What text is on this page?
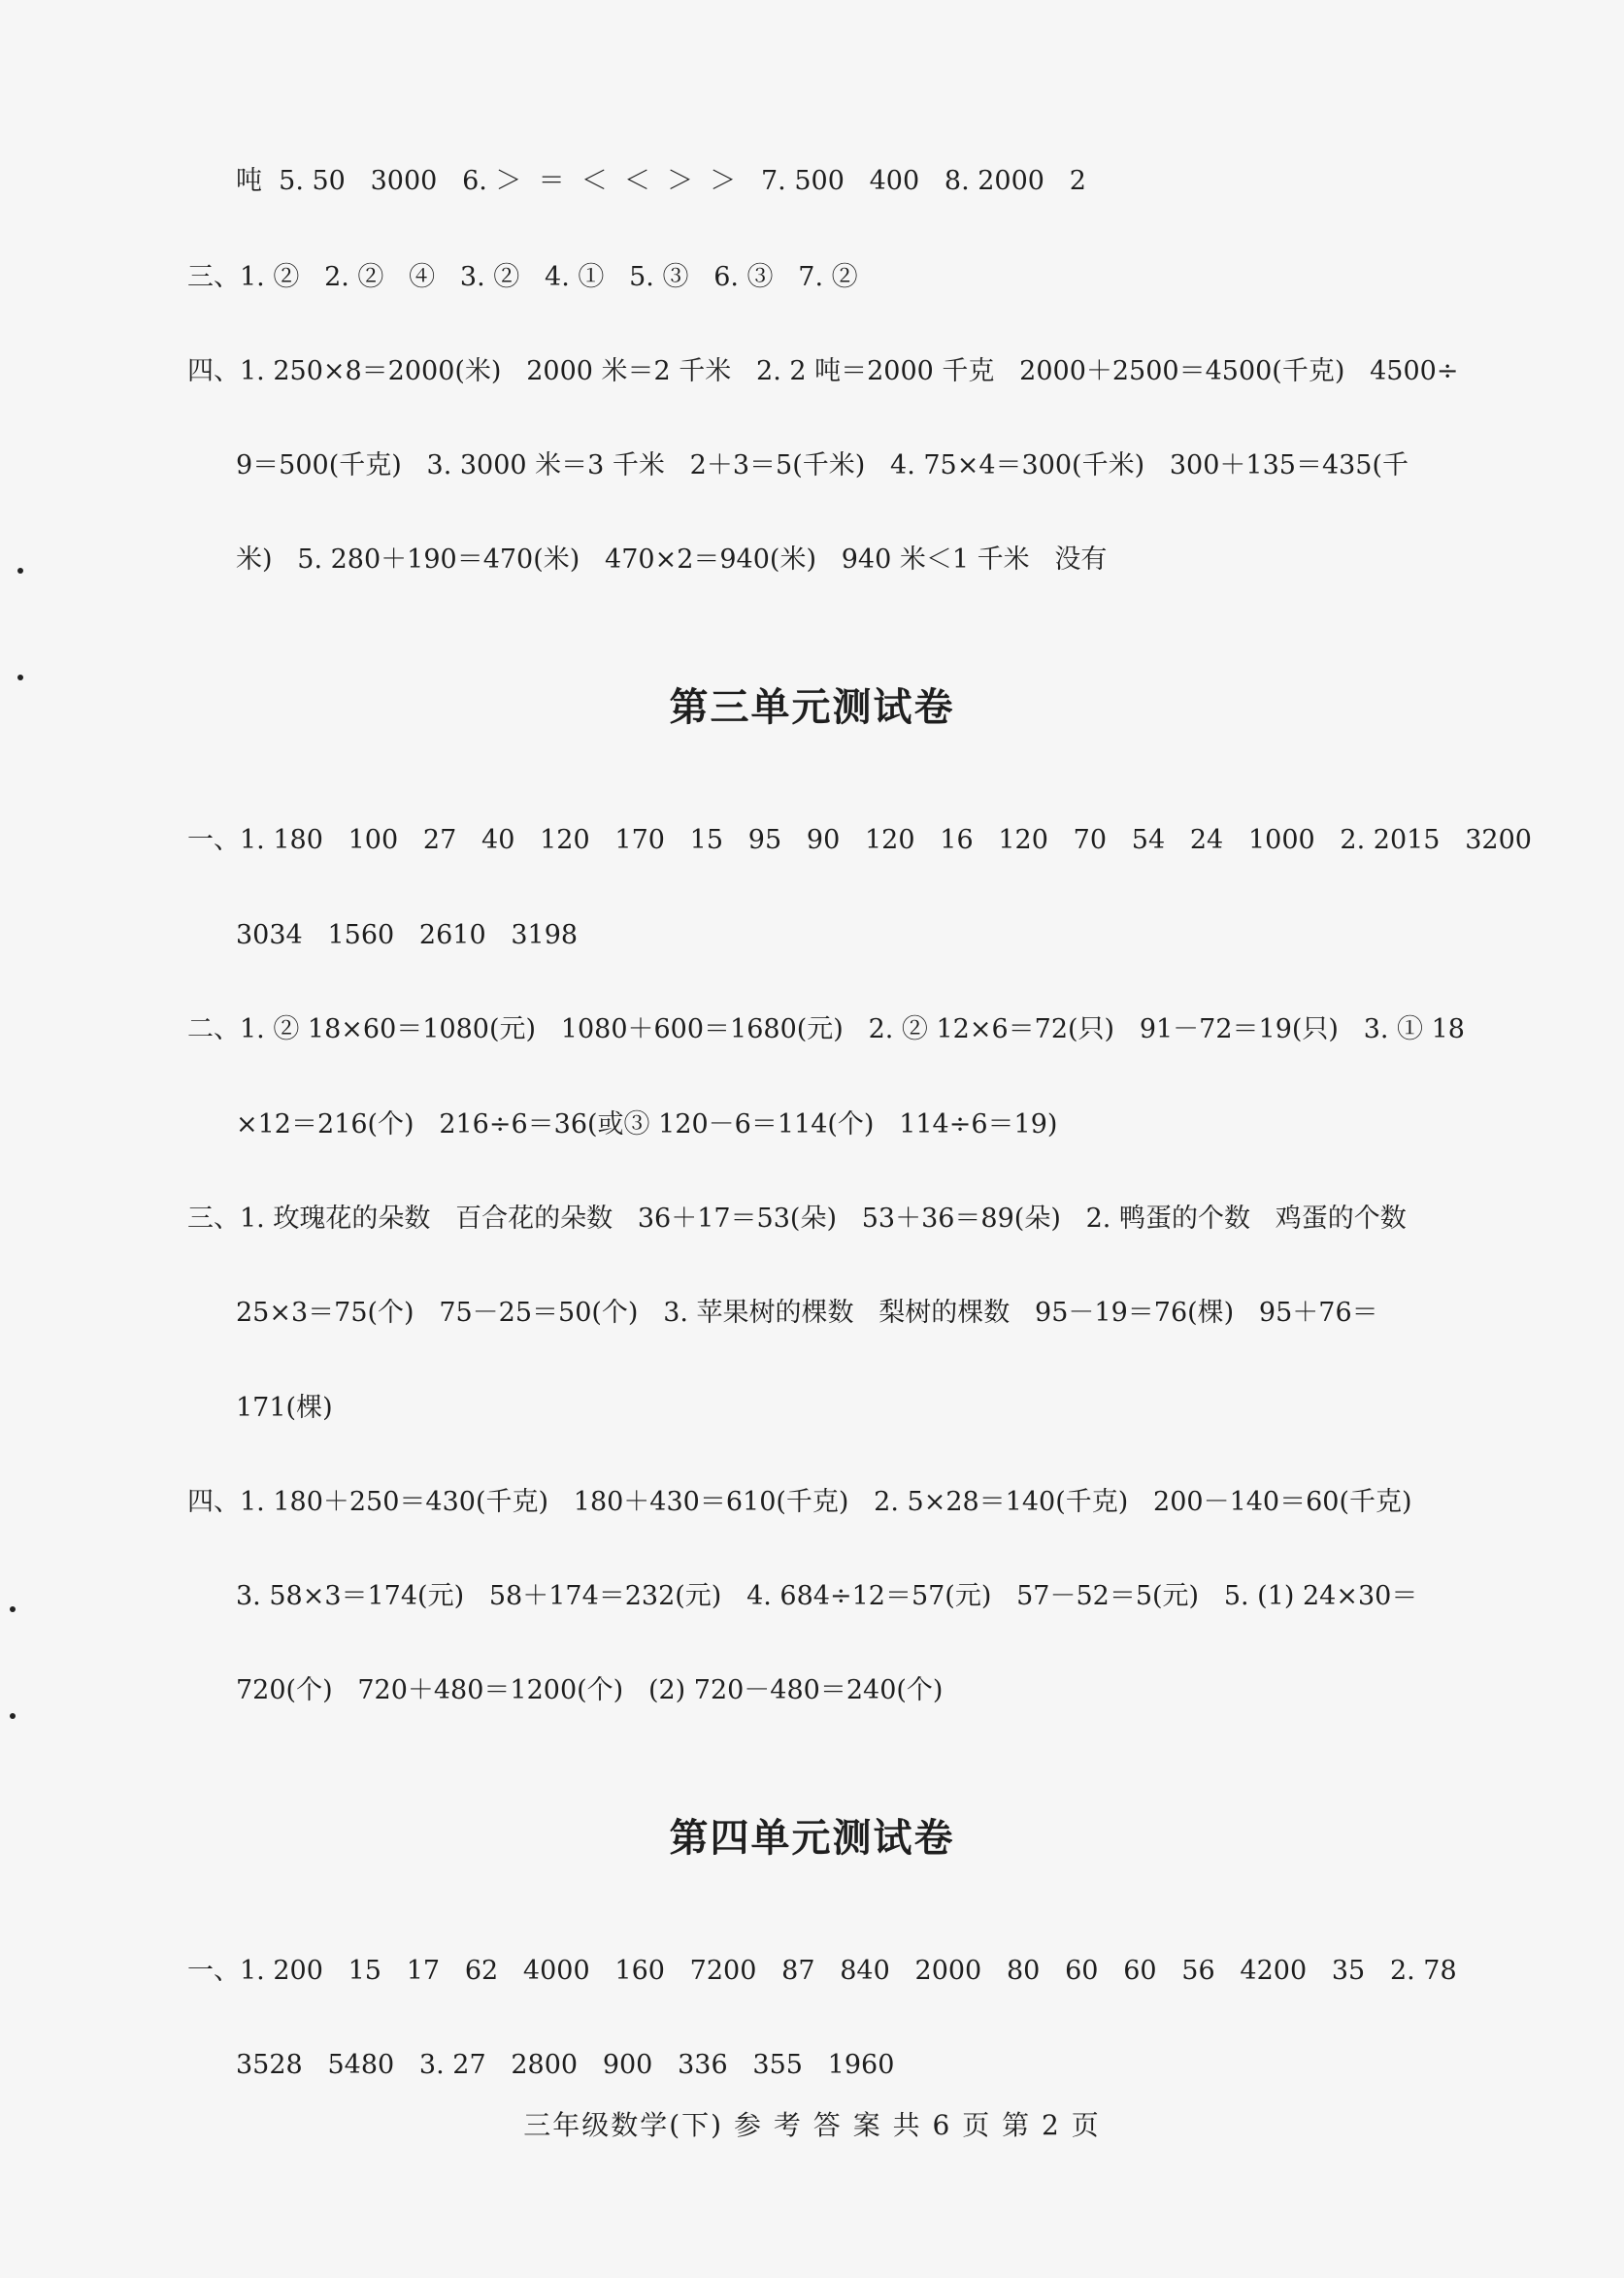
吨  5. 50   3000   6. ＞  ＝  ＜  ＜  ＞  ＞   7. 500   400   8. 2000   2
三、1. ②   2. ②   ④   3. ②   4. ①   5. ③   6. ③   7. ②
四、1. 250×8＝2000(米)   2000 米＝2 千米   2. 2 吨＝2000 千克   2000＋2500＝4500(千克)   4500÷
9＝500(千克)   3. 3000 米＝3 千米   2＋3＝5(千米)   4. 75×4＝300(千米)   300＋135＝435(千
米)   5. 280＋190＝470(米)   470×2＝940(米)   940 米＜1 千米   没有
第三单元测试卷
一、1. 180   100   27   40   120   170   15   95   90   120   16   120   70   54   24   1000   2. 2015   3200
3034   1560   2610   3198
二、1. ② 18×60＝1080(元)   1080＋600＝1680(元)   2. ② 12×6＝72(只)   91－72＝19(只)   3. ① 18
×12＝216(个)   216÷6＝36(或③ 120－6＝114(个)   114÷6＝19)
三、1. 玫瑰花的朵数   百合花的朵数   36＋17＝53(朵)   53＋36＝89(朵)   2. 鸭蛋的个数   鸡蛋的个数
25×3＝75(个)   75－25＝50(个)   3. 苹果树的棵数   梨树的棵数   95－19＝76(棵)   95＋76＝
171(棵)
四、1. 180＋250＝430(千克)   180＋430＝610(千克)   2. 5×28＝140(千克)   200－140＝60(千克)
3. 58×3＝174(元)   58＋174＝232(元)   4. 684÷12＝57(元)   57－52＝5(元)   5. (1) 24×30＝
720(个)   720＋480＝1200(个)   (2) 720－480＝240(个)
第四单元测试卷
一、1. 200   15   17   62   4000   160   7200   87   840   2000   80   60   60   56   4200   35   2. 78
3528   5480   3. 27   2800   900   336   355   1960
三年级数学(下) 参 考 答 案 共 6 页 第 2 页
